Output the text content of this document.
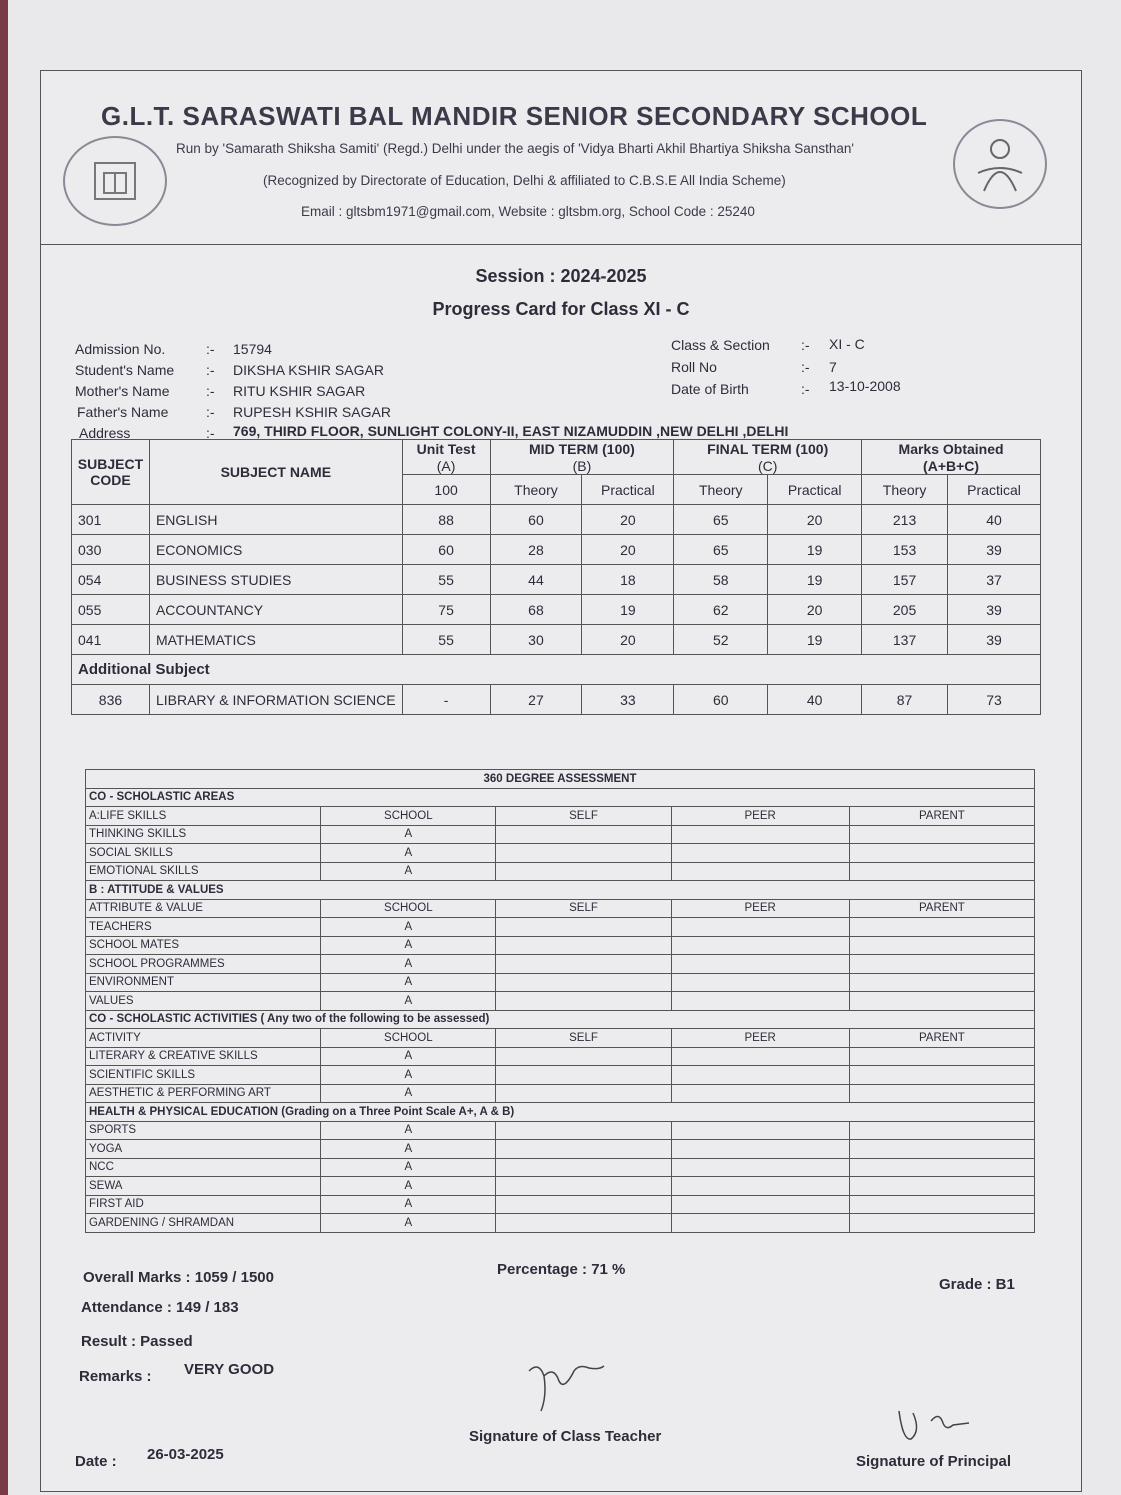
G.L.T. SARASWATI BAL MANDIR SENIOR SECONDARY SCHOOL
Run by 'Samarath Shiksha Samiti' (Regd.) Delhi under the aegis of 'Vidya Bharti Akhil Bhartiya Shiksha Sansthan'
(Recognized by Directorate of Education, Delhi & affiliated to C.B.S.E All India Scheme)
Email : gltsbm1971@gmail.com, Website : gltsbm.org, School Code : 25240
Session : 2024-2025
Progress Card for Class XI - C
Admission No.	:- 15794
Student's Name :- DIKSHA KSHIR SAGAR
Mother's Name	:- RITU KSHIR SAGAR
Father's Name	:- RUPESH KSHIR SAGAR
Address	:- 769, THIRD FLOOR, SUNLIGHT COLONY-II, EAST NIZAMUDDIN ,NEW DELHI ,DELHI
Class & Section :- XI - C
Roll No	:- 7
Date of Birth	:- 13-10-2008
SUBJECT CODE	SUBJECT NAME	Unit Test	MID TERM (100)		FINAL TERM (100)		Marks Obtained	
		(A)	(B)		(C)		(A+B+C)	
		100	Theory	Practical	Theory	Practical	Theory	Practical
301	ENGLISH	88	60	20	65	20	213	40
030	ECONOMICS	60	28	20	65	19	153	39
054	BUSINESS STUDIES	55	44	18	58	19	157	37
055	ACCOUNTANCY	75	68	19	62	20	205	39
041	MATHEMATICS	55	30	20	52	19	137	39
Additional Subject								
836	LIBRARY & INFORMATION SCIENCE	-	27	33	60	40	87	73
360 DEGREE ASSESSMENT				
CO - SCHOLASTIC AREAS				
A:LIFE SKILLS	SCHOOL	SELF	PEER	PARENT
THINKING SKILLS	A			
SOCIAL SKILLS	A			
EMOTIONAL SKILLS	A			
B : ATTITUDE & VALUES				
ATTRIBUTE & VALUE	SCHOOL	SELF	PEER	PARENT
TEACHERS	A			
SCHOOL MATES	A			
SCHOOL PROGRAMMES	A			
ENVIRONMENT	A			
VALUES	A			
CO - SCHOLASTIC ACTIVITIES ( Any two of the following to be assessed)				
ACTIVITY	SCHOOL	SELF	PEER	PARENT
LITERARY & CREATIVE SKILLS	A			
SCIENTIFIC SKILLS	A			
AESTHETIC & PERFORMING ART	A			
HEALTH & PHYSICAL EDUCATION (Grading on a Three Point Scale A+, A & B)				
SPORTS	A			
YOGA	A			
NCC	A			
SEWA	A			
FIRST AID	A			
GARDENING / SHRAMDAN	A			
Overall Marks : 1059 / 1500	Percentage : 71 %
Grade : B1
Attendance : 149 / 183
Result : Passed
Remarks : VERY GOOD
Signature of Class Teacher
Date : 26-03-2025	Signature of Principal
